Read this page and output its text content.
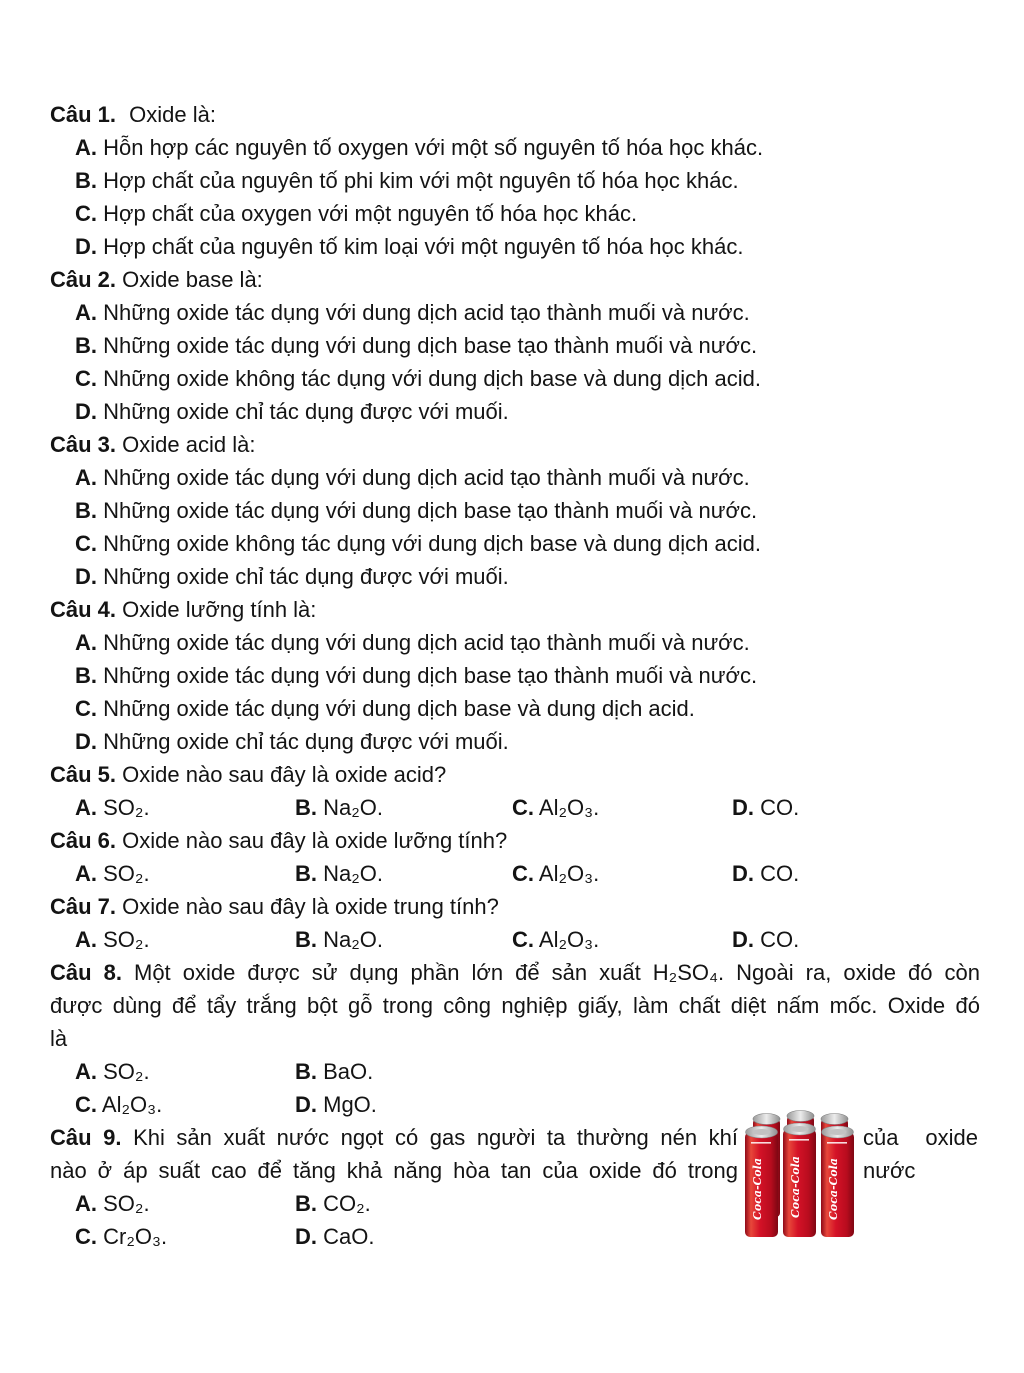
Câu 1. Oxide là:
A. Hỗn hợp các nguyên tố oxygen với một số nguyên tố hóa học khác.
B. Hợp chất của nguyên tố phi kim với một nguyên tố hóa học khác.
C. Hợp chất của oxygen với một nguyên tố hóa học khác.
D. Hợp chất của nguyên tố kim loại với một nguyên tố hóa học khác.
Câu 2. Oxide base là:
A. Những oxide tác dụng với dung dịch acid tạo thành muối và nước.
B. Những oxide tác dụng với dung dịch base tạo thành muối và nước.
C. Những oxide không tác dụng với dung dịch base và dung dịch acid.
D. Những oxide chỉ tác dụng được với muối.
Câu 3. Oxide acid là:
A. Những oxide tác dụng với dung dịch acid tạo thành muối và nước.
B. Những oxide tác dụng với dung dịch base tạo thành muối và nước.
C. Những oxide không tác dụng với dung dịch base và dung dịch acid.
D. Những oxide chỉ tác dụng được với muối.
Câu 4. Oxide lưỡng tính là:
A. Những oxide tác dụng với dung dịch acid tạo thành muối và nước.
B. Những oxide tác dụng với dung dịch base tạo thành muối và nước.
C. Những oxide tác dụng với dung dịch base và dung dịch acid.
D. Những oxide chỉ tác dụng được với muối.
Câu 5. Oxide nào sau đây là oxide acid?
A. SO₂.	B. Na₂O.	C. Al₂O₃.	D. CO.
Câu 6. Oxide nào sau đây là oxide lưỡng tính?
A. SO₂.	B. Na₂O.	C. Al₂O₃.	D. CO.
Câu 7. Oxide nào sau đây là oxide trung tính?
A. SO₂.	B. Na₂O.	C. Al₂O₃.	D. CO.
Câu 8. Một oxide được sử dụng phần lớn để sản xuất H₂SO₄. Ngoài ra, oxide đó còn
được dùng để tẩy trắng bột gỗ trong công nghiệp giấy, làm chất diệt nấm mốc. Oxide đó
là
A. SO₂.	B. BaO.
C. Al₂O₃.	D. MgO.
Câu 9. Khi sản xuất nước ngọt có gas người ta thường nén khí	của oxide
nào ở áp suất cao để tăng khả năng hòa tan của oxide đó trong	nước
Coca-Cola Coca-Cola Coca-Cola
A. SO₂.	B. CO₂.
C. Cr₂O₃.	D. CaO.
